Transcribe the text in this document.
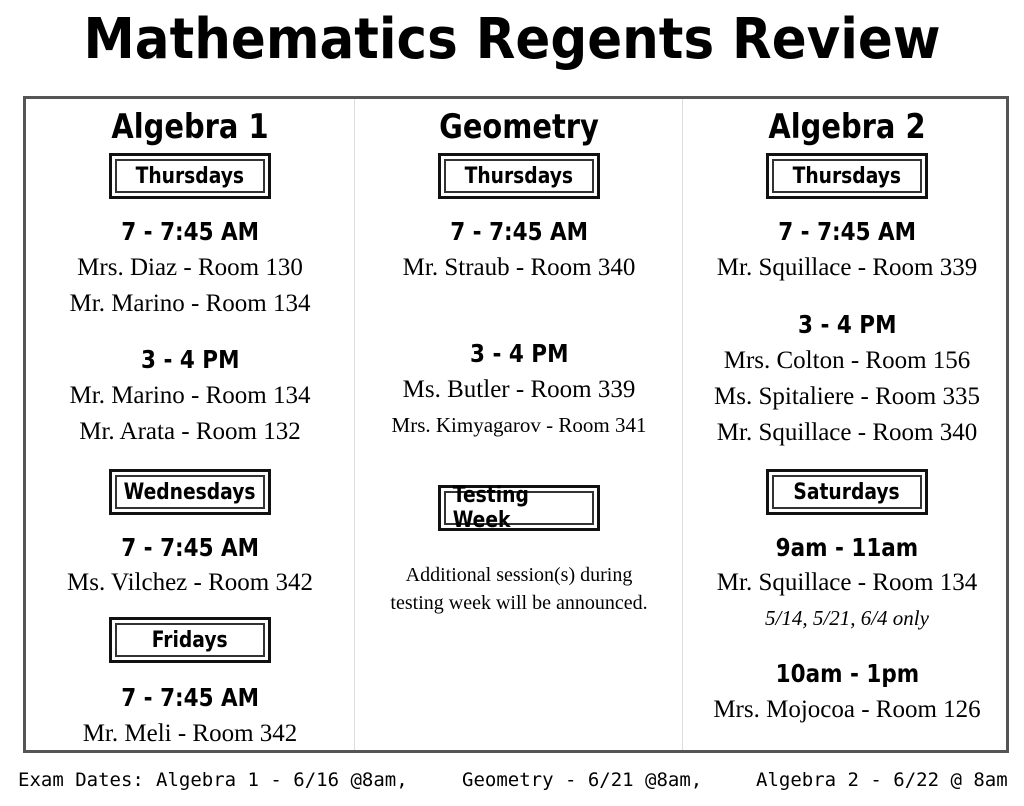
Mathematics Regents Review
Algebra 1
Thursdays
7 - 7:45 AM
Mrs. Diaz - Room 130
Mr. Marino - Room 134
3 - 4 PM
Mr. Marino - Room 134
Mr. Arata - Room 132
Wednesdays
7 - 7:45 AM
Ms. Vilchez - Room 342
Fridays
7 - 7:45 AM
Mr. Meli - Room 342
Geometry
Thursdays
7 - 7:45 AM
Mr. Straub - Room 340
3 - 4 PM
Ms. Butler - Room 339
Mrs. Kimyagarov - Room 341
Testing Week
Additional session(s) during testing week will be announced.
Algebra 2
Thursdays
7 - 7:45 AM
Mr. Squillace - Room 339
3 - 4 PM
Mrs. Colton - Room 156
Ms. Spitaliere - Room 335
Mr. Squillace - Room 340
Saturdays
9am - 11am
Mr. Squillace - Room 134
5/14, 5/21, 6/4 only
10am - 1pm
Mrs. Mojocoa - Room 126
Exam Dates: Algebra 1 - 6/16 @8am,	Geometry - 6/21 @8am,	Algebra 2 - 6/22 @ 8am
